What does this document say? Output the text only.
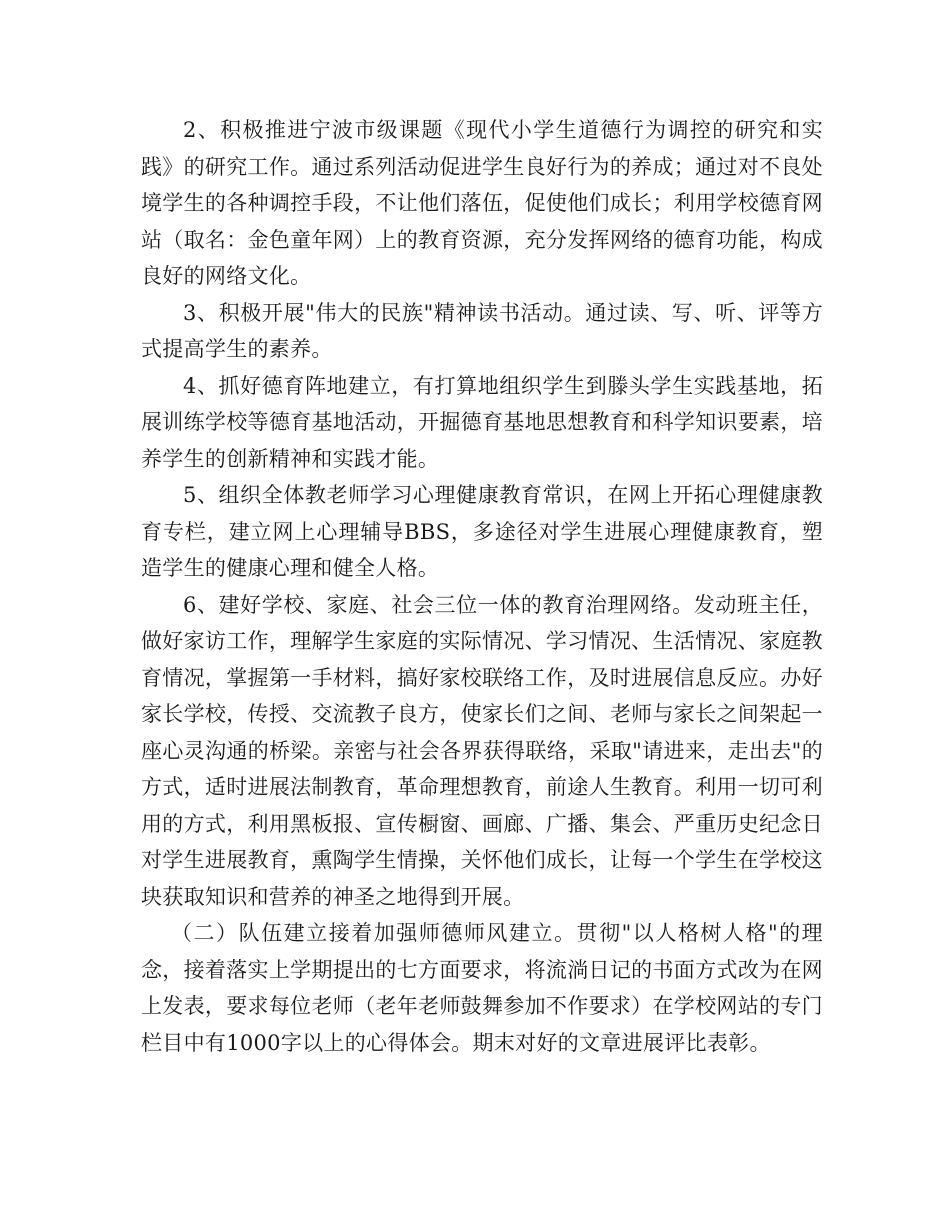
2、积极推进宁波市级课题《现代小学生道德行为调控的研究和实践》的研究工作。通过系列活动促进学生良好行为的养成；通过对不良处境学生的各种调控手段，不让他们落伍，促使他们成长；利用学校德育网站（取名：金色童年网）上的教育资源，充分发挥网络的德育功能，构成良好的网络文化。

3、积极开展"伟大的民族"精神读书活动。通过读、写、听、评等方式提高学生的素养。

4、抓好德育阵地建立，有打算地组织学生到滕头学生实践基地，拓展训练学校等德育基地活动，开掘德育基地思想教育和科学知识要素，培养学生的创新精神和实践才能。

5、组织全体教老师学习心理健康教育常识，在网上开拓心理健康教育专栏，建立网上心理辅导BBS，多途径对学生进展心理健康教育，塑造学生的健康心理和健全人格。

6、建好学校、家庭、社会三位一体的教育治理网络。发动班主任，做好家访工作，理解学生家庭的实际情况、学习情况、生活情况、家庭教育情况，掌握第一手材料，搞好家校联络工作，及时进展信息反应。办好家长学校，传授、交流教子良方，使家长们之间、老师与家长之间架起一座心灵沟通的桥梁。亲密与社会各界获得联络，采取"请进来，走出去"的方式，适时进展法制教育，革命理想教育，前途人生教育。利用一切可利用的方式，利用黑板报、宣传橱窗、画廊、广播、集会、严重历史纪念日对学生进展教育，熏陶学生情操，关怀他们成长，让每一个学生在学校这块获取知识和营养的神圣之地得到开展。

（二）队伍建立接着加强师德师风建立。贯彻"以人格树人格"的理念，接着落实上学期提出的七方面要求，将流淌日记的书面方式改为在网上发表，要求每位老师（老年老师鼓舞参加不作要求）在学校网站的专门栏目中有1000字以上的心得体会。期末对好的文章进展评比表彰。
